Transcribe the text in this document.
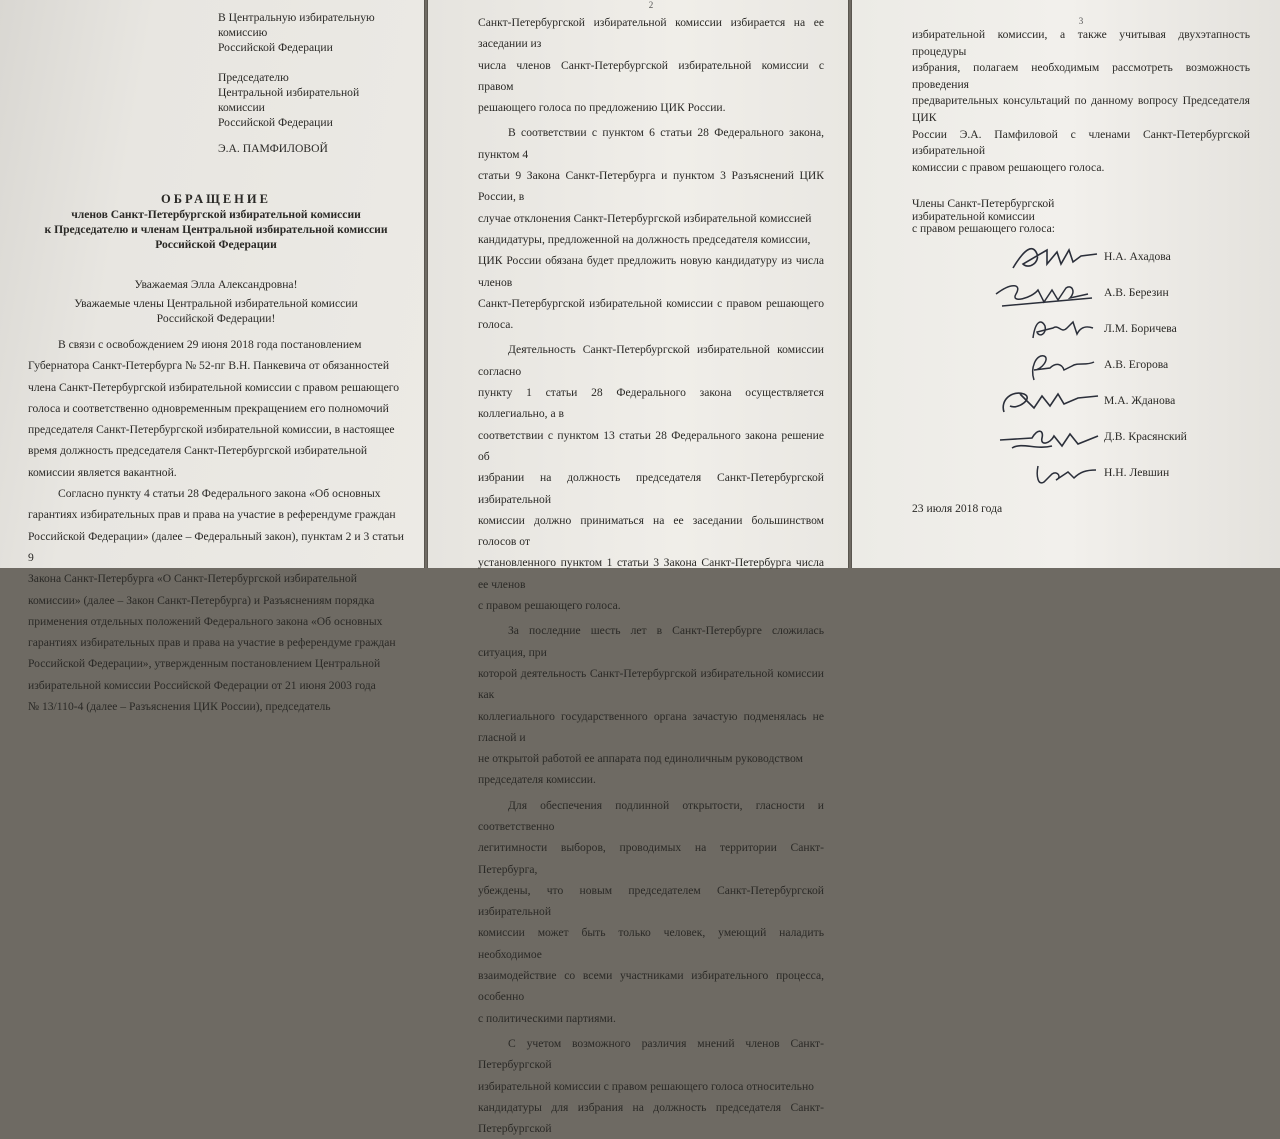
В Центральную избирательную комиссию

Российской Федерации

Председателю

Центральной избирательной комиссии

Российской Федерации

Э.А. ПАМФИЛОВОЙ

ОБРАЩЕНИЕ

членов Санкт-Петербургской избирательной комиссии

к Председателю и членам Центральной избирательной комиссии

Российской Федерации

Уважаемая Элла Александровна!

Уважаемые члены Центральной избирательной комиссии

Российской Федерации!

В связи с освобождением 29 июня 2018 года постановлением

Губернатора Санкт-Петербурга № 52-пг В.Н. Панкевича от обязанностей

члена Санкт-Петербургской избирательной комиссии с правом решающего

голоса и соответственно одновременным прекращением его полномочий

председателя Санкт-Петербургской избирательной комиссии, в настоящее

время должность председателя Санкт-Петербургской избирательной

комиссии является вакантной.

Согласно пункту 4 статьи 28 Федерального закона «Об основных

гарантиях избирательных прав и права на участие в референдуме граждан

Российской Федерации» (далее – Федеральный закон), пунктам 2 и 3 статьи 9

Закона Санкт-Петербурга «О Санкт-Петербургской избирательной

комиссии» (далее – Закон Санкт-Петербурга) и Разъяснениям порядка

применения отдельных положений Федерального закона «Об основных

гарантиях избирательных прав и права на участие в референдуме граждан

Российской Федерации», утвержденным постановлением Центральной

избирательной комиссии Российской Федерации от 21 июня 2003 года

№ 13/110-4 (далее – Разъяснения ЦИК России), председатель

2

Санкт-Петербургской избирательной комиссии избирается на ее заседании из

числа членов Санкт-Петербургской избирательной комиссии с правом

решающего голоса по предложению ЦИК России.

В соответствии с пунктом 6 статьи 28 Федерального закона, пунктом 4

статьи 9 Закона Санкт-Петербурга и пунктом 3 Разъяснений ЦИК России, в

случае отклонения Санкт-Петербургской избирательной комиссией

кандидатуры, предложенной на должность председателя комиссии,

ЦИК России обязана будет предложить новую кандидатуру из числа членов

Санкт-Петербургской избирательной комиссии с правом решающего голоса.

Деятельность Санкт-Петербургской избирательной комиссии согласно

пункту 1 статьи 28 Федерального закона осуществляется коллегиально, а в

соответствии с пунктом 13 статьи 28 Федерального закона решение об

избрании на должность председателя Санкт-Петербургской избирательной

комиссии должно приниматься на ее заседании большинством голосов от

установленного пунктом 1 статьи 3 Закона Санкт-Петербурга числа ее членов

с правом решающего голоса.

За последние шесть лет в Санкт-Петербурге сложилась ситуация, при

которой деятельность Санкт-Петербургской избирательной комиссии как

коллегиального государственного органа зачастую подменялась не гласной и

не открытой работой ее аппарата под единоличным руководством

председателя комиссии.

Для обеспечения подлинной открытости, гласности и соответственно

легитимности выборов, проводимых на территории Санкт-Петербурга,

убеждены, что новым председателем Санкт-Петербургской избирательной

комиссии может быть только человек, умеющий наладить необходимое

взаимодействие со всеми участниками избирательного процесса, особенно

с политическими партиями.

С учетом возможного различия мнений членов Санкт-Петербургской

избирательной комиссии с правом решающего голоса относительно

кандидатуры для избрания на должность председателя Санкт-Петербургской

3

избирательной комиссии, а также учитывая двухэтапность процедуры

избрания, полагаем необходимым рассмотреть возможность проведения

предварительных консультаций по данному вопросу Председателя ЦИК

России Э.А. Памфиловой с членами Санкт-Петербургской избирательной

комиссии с правом решающего голоса.

Члены Санкт-Петербургской

избирательной комиссии

с правом решающего голоса:

Н.А. Ахадова
А.В. Березин
Л.М. Боричева
А.В. Егорова
М.А. Жданова
Д.В. Красянский
Н.Н. Левшин
23 июля 2018 года
